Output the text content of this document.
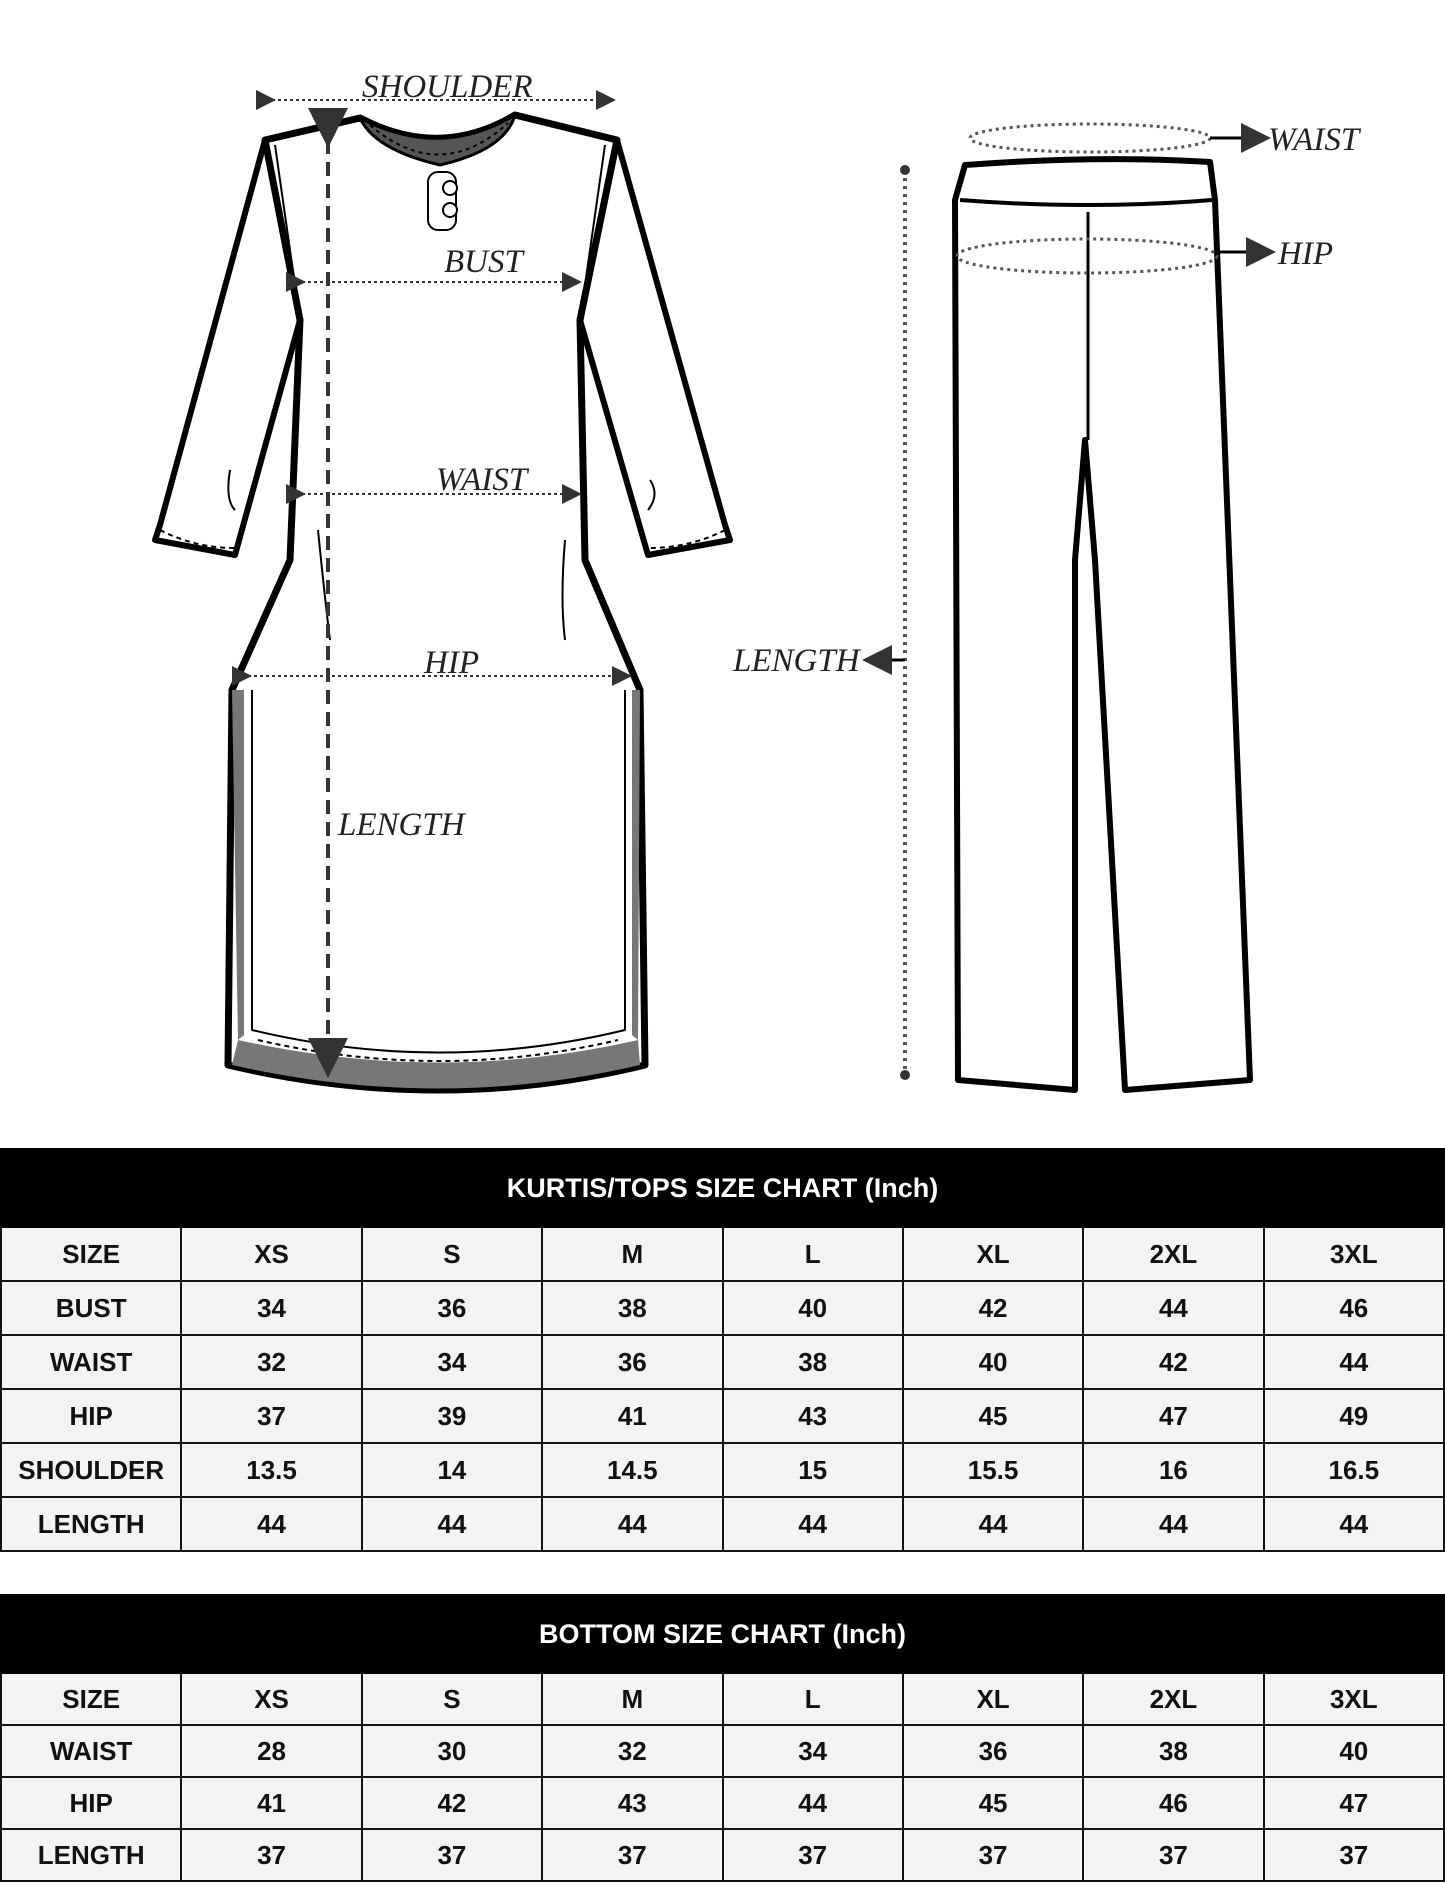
SHOULDER
BUST
WAIST
HIP
LENGTH
WAIST
HIP
LENGTH
KURTIS/TOPS SIZE CHART (Inch)							
SIZE	XS	S	M	L	XL	2XL	3XL
BUST	34	36	38	40	42	44	46
WAIST	32	34	36	38	40	42	44
HIP	37	39	41	43	45	47	49
SHOULDER	13.5	14	14.5	15	15.5	16	16.5
LENGTH	44	44	44	44	44	44	44
BOTTOM SIZE CHART (Inch)							
SIZE	XS	S	M	L	XL	2XL	3XL
WAIST	28	30	32	34	36	38	40
HIP	41	42	43	44	45	46	47
LENGTH	37	37	37	37	37	37	37
